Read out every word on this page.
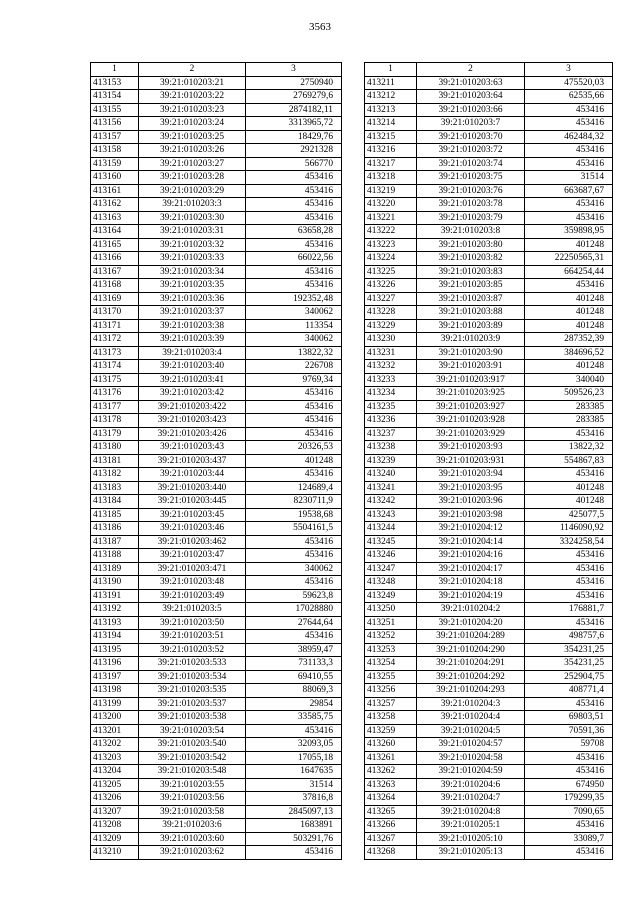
3563
1	2	3
413153	39:21:010203:21	2750940
413154	39:21:010203:22	2769279,6
413155	39:21:010203:23	2874182,11
413156	39:21:010203:24	3313965,72
413157	39:21:010203:25	18429,76
413158	39:21:010203:26	2921328
413159	39:21:010203:27	566770
413160	39:21:010203:28	453416
413161	39:21:010203:29	453416
413162	39:21:010203:3	453416
413163	39:21:010203:30	453416
413164	39:21:010203:31	63658,28
413165	39:21:010203:32	453416
413166	39:21:010203:33	66022,56
413167	39:21:010203:34	453416
413168	39:21:010203:35	453416
413169	39:21:010203:36	192352,48
413170	39:21:010203:37	340062
413171	39:21:010203:38	113354
413172	39:21:010203:39	340062
413173	39:21:010203:4	13822,32
413174	39:21:010203:40	226708
413175	39:21:010203:41	9769,34
413176	39:21:010203:42	453416
413177	39:21:010203:422	453416
413178	39:21:010203:423	453416
413179	39:21:010203:426	453416
413180	39:21:010203:43	20326,53
413181	39:21:010203:437	401248
413182	39:21:010203:44	453416
413183	39:21:010203:440	124689,4
413184	39:21:010203:445	8230711,9
413185	39:21:010203:45	19538,68
413186	39:21:010203:46	5504161,5
413187	39:21:010203:462	453416
413188	39:21:010203:47	453416
413189	39:21:010203:471	340062
413190	39:21:010203:48	453416
413191	39:21:010203:49	59623,8
413192	39:21:010203:5	17028880
413193	39:21:010203:50	27644,64
413194	39:21:010203:51	453416
413195	39:21:010203:52	38959,47
413196	39:21:010203:533	731133,3
413197	39:21:010203:534	69410,55
413198	39:21:010203:535	88069,3
413199	39:21:010203:537	29854
413200	39:21:010203:538	33585,75
413201	39:21:010203:54	453416
413202	39:21:010203:540	32093,05
413203	39:21:010203:542	17055,18
413204	39:21:010203:548	1647635
413205	39:21:010203:55	31514
413206	39:21:010203:56	37816,8
413207	39:21:010203:58	2845097,13
413208	39:21:010203:6	1683891
413209	39:21:010203:60	503291,76
413210	39:21:010203:62	453416
1	2	3
413211	39:21:010203:63	475520,03
413212	39:21:010203:64	62535,66
413213	39:21:010203:66	453416
413214	39:21:010203:7	453416
413215	39:21:010203:70	462484,32
413216	39:21:010203:72	453416
413217	39:21:010203:74	453416
413218	39:21:010203:75	31514
413219	39:21:010203:76	663687,67
413220	39:21:010203:78	453416
413221	39:21:010203:79	453416
413222	39:21:010203:8	359898,95
413223	39:21:010203:80	401248
413224	39:21:010203:82	22250565,31
413225	39:21:010203:83	664254,44
413226	39:21:010203:85	453416
413227	39:21:010203:87	401248
413228	39:21:010203:88	401248
413229	39:21:010203:89	401248
413230	39:21:010203:9	287352,39
413231	39:21:010203:90	384696,52
413232	39:21:010203:91	401248
413233	39:21:010203:917	340040
413234	39:21:010203:925	509526,23
413235	39:21:010203:927	283385
413236	39:21:010203:928	283385
413237	39:21:010203:929	453416
413238	39:21:010203:93	13822,32
413239	39:21:010203:931	554867,83
413240	39:21:010203:94	453416
413241	39:21:010203:95	401248
413242	39:21:010203:96	401248
413243	39:21:010203:98	425077,5
413244	39:21:010204:12	1146090,92
413245	39:21:010204:14	3324258,54
413246	39:21:010204:16	453416
413247	39:21:010204:17	453416
413248	39:21:010204:18	453416
413249	39:21:010204:19	453416
413250	39:21:010204:2	176881,7
413251	39:21:010204:20	453416
413252	39:21:010204:289	498757,6
413253	39:21:010204:290	354231,25
413254	39:21:010204:291	354231,25
413255	39:21:010204:292	252904,75
413256	39:21:010204:293	408771,4
413257	39:21:010204:3	453416
413258	39:21:010204:4	69803,51
413259	39:21:010204:5	70591,36
413260	39:21:010204:57	59708
413261	39:21:010204:58	453416
413262	39:21:010204:59	453416
413263	39:21:010204:6	674950
413264	39:21:010204:7	179299,35
413265	39:21:010204:8	7090,65
413266	39:21:010205:1	453416
413267	39:21:010205:10	33089,7
413268	39:21:010205:13	453416
